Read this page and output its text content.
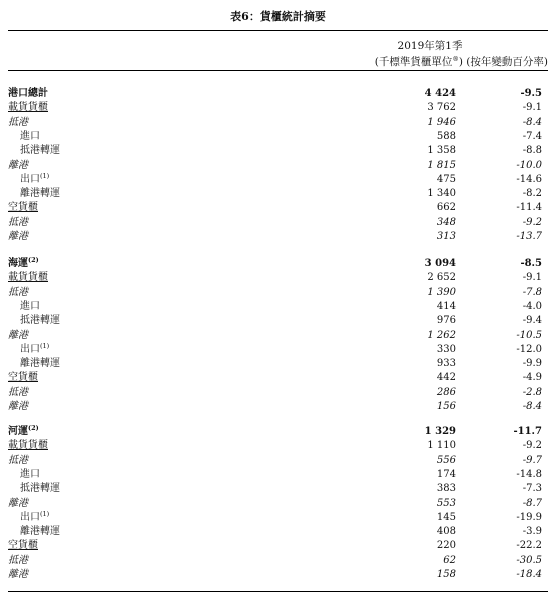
表6：貨櫃統計摘要
2019年第1季
(千標準貨櫃單位®) (按年變動百分率)
港口總計	4 424	-9.5
載貨貨櫃	3 762	-9.1
抵港	1 946	-8.4
進口	588	-7.4
抵港轉運	1 358	-8.8
離港	1 815	-10.0
出口$^{(1)}$	475	-14.6
離港轉運	1 340	-8.2
空貨櫃	662	-11.4
抵港	348	-9.2
離港	313	-13.7
海運$^{(2)}$	3 094	-8.5
載貨貨櫃	2 652	-9.1
抵港	1 390	-7.8
進口	414	-4.0
抵港轉運	976	-9.4
離港	1 262	-10.5
出口$^{(1)}$	330	-12.0
離港轉運	933	-9.9
空貨櫃	442	-4.9
抵港	286	-2.8
離港	156	-8.4
河運$^{(2)}$	1 329	-11.7
載貨貨櫃	1 110	-9.2
抵港	556	-9.7
進口	174	-14.8
抵港轉運	383	-7.3
離港	553	-8.7
出口$^{(1)}$	145	-19.9
離港轉運	408	-3.9
空貨櫃	220	-22.2
抵港	62	-30.5
離港	158	-18.4
